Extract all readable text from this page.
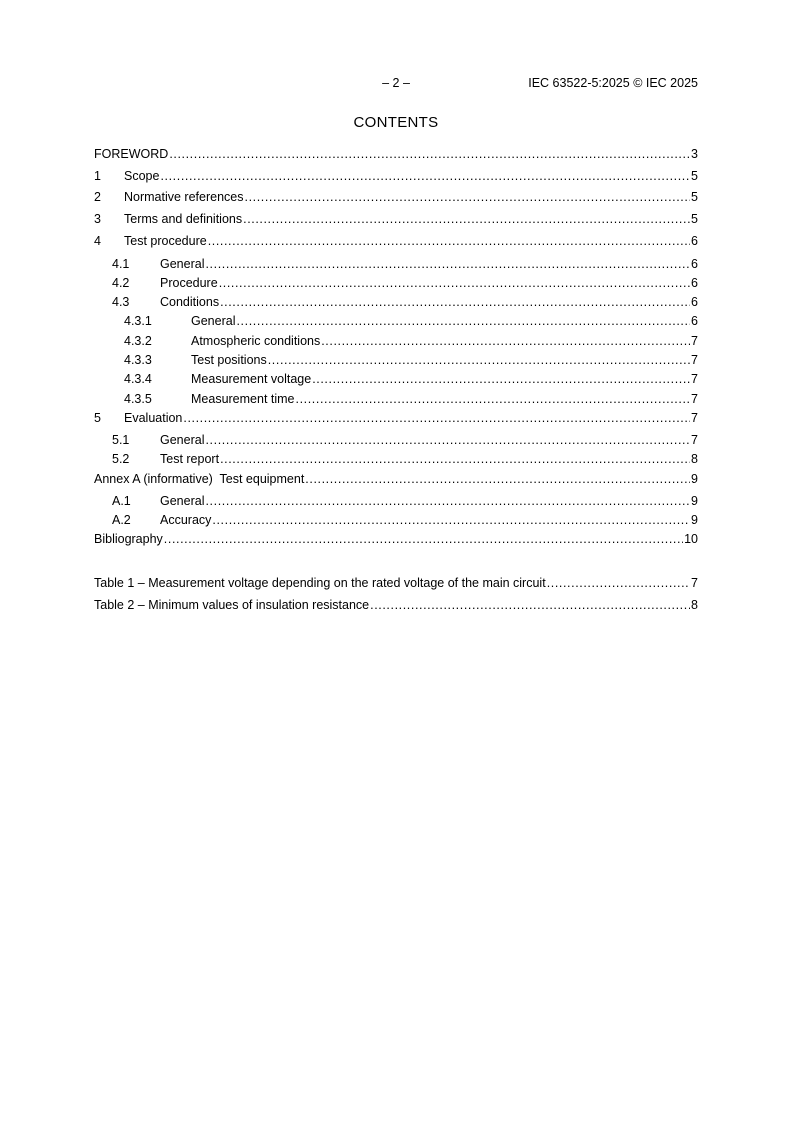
– 2 –	IEC 63522-5:2025 © IEC 2025
CONTENTS
FOREWORD .....	3
1	Scope .....	5
2	Normative references .....	5
3	Terms and definitions .....	5
4	Test procedure .....	6
4.1	General .....	6
4.2	Procedure .....	6
4.3	Conditions .....	6
4.3.1	General .....	6
4.3.2	Atmospheric conditions .....	7
4.3.3	Test positions .....	7
4.3.4	Measurement voltage .....	7
4.3.5	Measurement time .....	7
5	Evaluation .....	7
5.1	General .....	7
5.2	Test report .....	8
Annex A (informative)  Test equipment .....	9
A.1	General .....	9
A.2	Accuracy .....	9
Bibliography .....	10
Table 1 – Measurement voltage depending on the rated voltage of the main circuit .....	7
Table 2 – Minimum values of insulation resistance .....	8
